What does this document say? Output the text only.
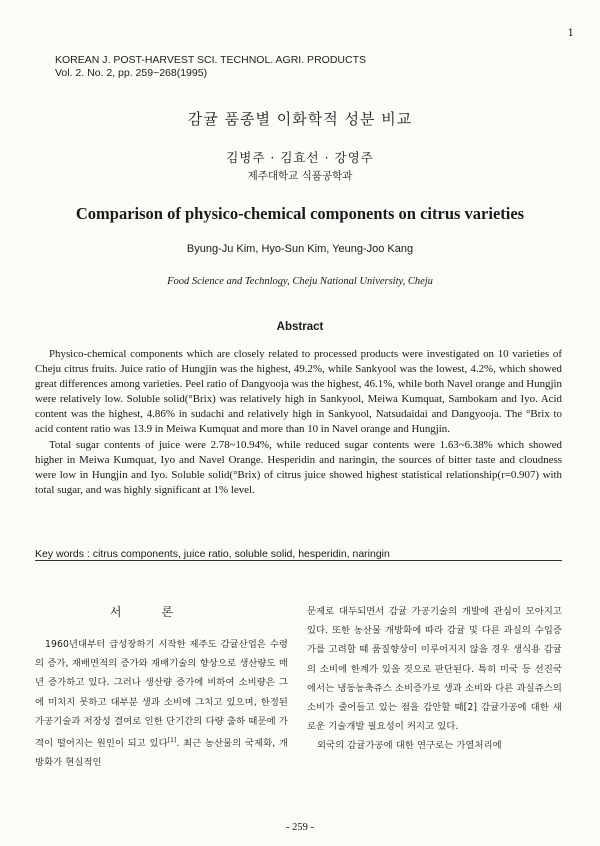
1
KOREAN J. POST-HARVEST SCI. TECHNOL. AGRI. PRODUCTS
Vol. 2. No. 2, pp. 259~268(1995)
감귤 품종별 이화학적 성분 비교
김병주 · 김효선 · 강영주
제주대학교 식품공학과
Comparison of physico-chemical components on citrus varieties
Byung-Ju Kim, Hyo-Sun Kim, Yeung-Joo Kang
Food Science and Technlogy, Cheju National University, Cheju
Abstract

Physico-chemical components which are closely related to processed products were investigated on 10 varieties of Cheju citrus fruits. Juice ratio of Hungjin was the highest, 49.2%, while Sankyool was the lowest, 4.2%, which showed great differences among varieties. Peel ratio of Dangyooja was the highest, 46.1%, while both Navel orange and Hungjin were relatively low. Soluble solid(°Brix) was relatively high in Sankyool, Meiwa Kumquat, Sambokam and Iyo. Acid content was the highest, 4.86% in sudachi and relatively high in Sankyool, Natsudaidai and Dangyooja. The °Brix to acid content ratio was 13.9 in Meiwa Kumquat and more than 10 in Navel orange and Hungjin.

Total sugar contents of juice were 2.78~10.94%, while reduced sugar contents were 1.63~6.38% which showed higher in Meiwa Kumquat, Iyo and Navel Orange. Hesperidin and naringin, the sources of bitter taste and cloudness were low in Hungjin and Iyo. Soluble solid(°Brix) of citrus juice showed highest statistical relationship(r=0.907) with total sugar, and was highly significant at 1% level.

Key words : citrus components, juice ratio, soluble solid, hesperidin, naringin
서론

1960년대부터 급성장하기 시작한 제주도 감귤산업은 수령의 증가, 재배면적의 증가와 재배기술의 향상으로 생산량도 매년 증가하고 있다. 그러나 생산량 증가에 비하여 소비량은 그에 미치지 못하고 대부분 생과 소비에 그치고 있으며, 한정된 가공기술과 저장성 결여로 인한 단기간의 다량 출하 때문에 가격이 떨어지는 원인이 되고 있다[1]. 최근 농산물의 국제화, 개방화가 현실적인

문제로 대두되면서 감귤 가공기술의 개발에 관심이 모아지고 있다. 또한 농산물 개방화에 따라 감귤 및 다른 과실의 수입증가를 고려할 때 품질향상이 이루어지지 않을 경우 생식용 감귤의 소비에 한계가 있을 것으로 판단된다. 특히 미국 등 선진국에서는 냉동농축쥬스 소비증가로 생과 소비와 다른 과실쥬스의 소비가 줄어들고 있는 점을 감안할 때[2] 감귤가공에 대한 새로운 기술개발 필요성이 커지고 있다.

외국의 감귤가공에 대한 연구로는 가열처리에

- 259 -
